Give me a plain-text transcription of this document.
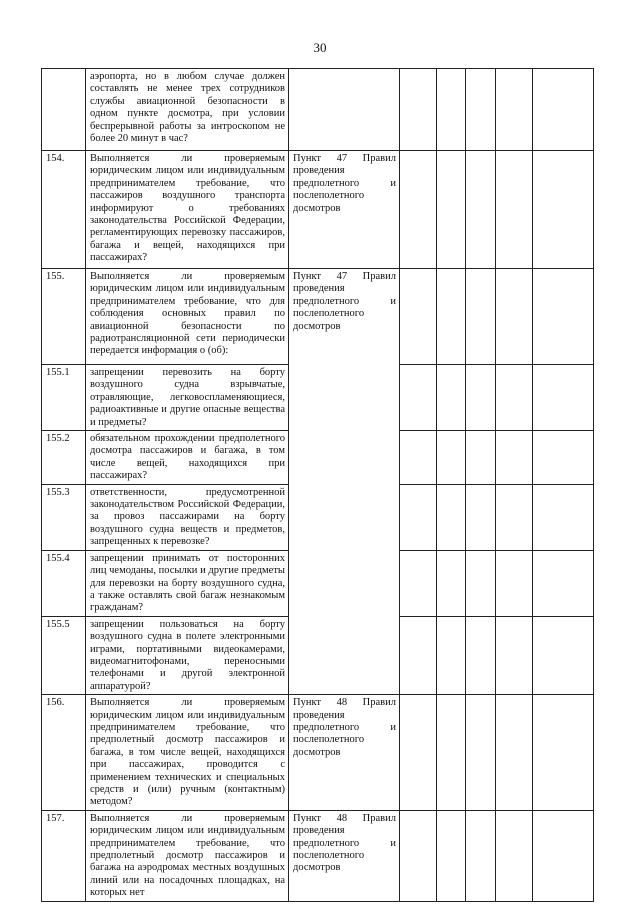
30
	аэропорта, но в любом случае должен составлять не менее трех сотрудников службы авиационной безопасности в одном пункте досмотра, при условии беспрерывной работы за интроскопом не более 20 минут в час?						
154.	Выполняется ли проверяемым юридическим лицом или индивидуальным предпринимателем требование, что пассажиров воздушного транспорта информируют о требованиях законодательства Российской Федерации, регламентирующих перевозку пассажиров, багажа и вещей, находящихся при пассажирах?	Пункт 47 Правил проведения предполетного и послеполетного досмотров					
155.	Выполняется ли проверяемым юридическим лицом или индивидуальным предпринимателем требование, что для соблюдения основных правил по авиационной безопасности по радиотрансляционной сети периодически передается информация о (об):	Пункт 47 Правил проведения предполетного и послеполетного досмотров					
155.1	запрещении перевозить на борту воздушного судна взрывчатые, отравляющие, легковоспламеняющиеся, радиоактивные и другие опасные вещества и предметы?						
155.2	обязательном прохождении предполетного досмотра пассажиров и багажа, в том числе вещей, находящихся при пассажирах?						
155.3	ответственности, предусмотренной законодательством Российской Федерации, за провоз пассажирами на борту воздушного судна веществ и предметов, запрещенных к перевозке?						
155.4	запрещении принимать от посторонних лиц чемоданы, посылки и другие предметы для перевозки на борту воздушного судна, а также оставлять свой багаж незнакомым гражданам?						
155.5	запрещении пользоваться на борту воздушного судна в полете электронными играми, портативными видеокамерами, видеомагнитофонами, переносными телефонами и другой электронной аппаратурой?						
156.	Выполняется ли проверяемым юридическим лицом или индивидуальным предпринимателем требование, что предполетный досмотр пассажиров и багажа, в том числе вещей, находящихся при пассажирах, проводится с применением технических и специальных средств и (или) ручным (контактным) методом?	Пункт 48 Правил проведения предполетного и послеполетного досмотров					
157.	Выполняется ли проверяемым юридическим лицом или индивидуальным предпринимателем требование, что предполетный досмотр пассажиров и багажа на аэродромах местных воздушных линий или на посадочных площадках, на которых нет	Пункт 48 Правил проведения предполетного и послеполетного досмотров					
